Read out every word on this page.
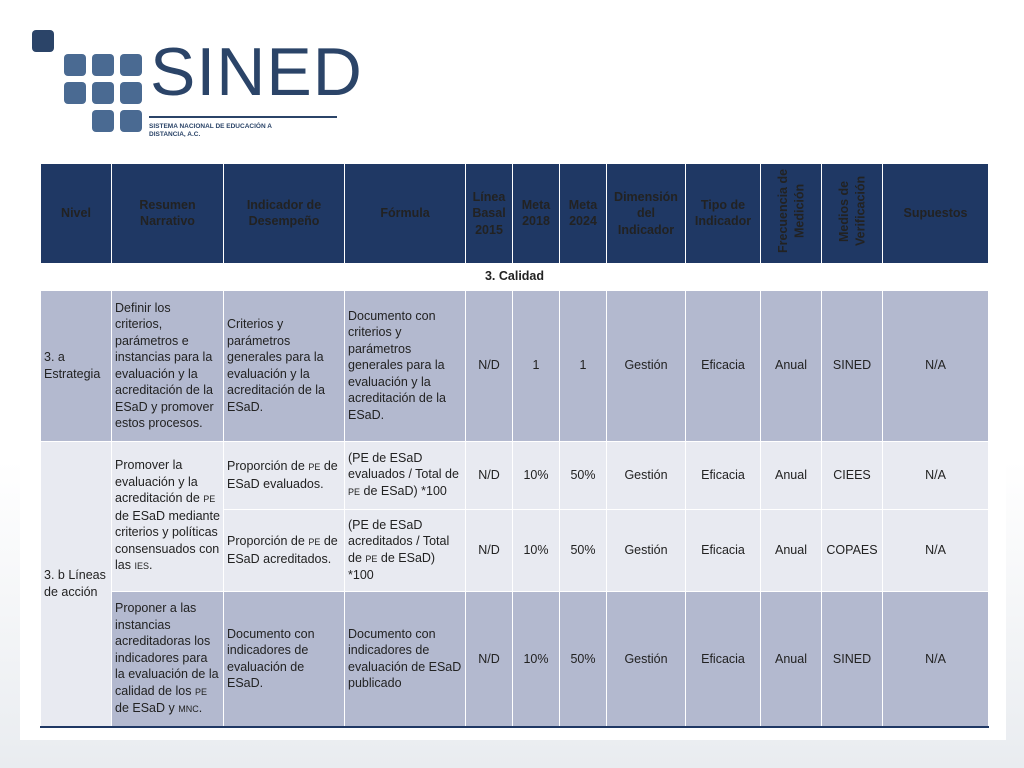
SINED
SISTEMA NACIONAL DE EDUCACIÓN A DISTANCIA, A.C.
Nivel	Resumen Narrativo	Indicador de Desempeño	Fórmula	Línea Basal 2015	Meta 2018	Meta 2024	Dimensión del Indicador	Tipo de Indicador	Frecuencia de Medición	Medios de Verificación	Supuestos
3. Calidad											
3. a Estrategia	Definir los criterios, parámetros e instancias para la evaluación y la acreditación de la ESaD y promover estos procesos.	Criterios y parámetros generales para la evaluación y la acreditación de la ESaD.	Documento con criterios y parámetros generales para la evaluación y la acreditación de la ESaD.	N/D	1	1	Gestión	Eficacia	Anual	SINED	N/A
3. b Líneas de acción	Promover la evaluación y la acreditación de PE de ESaD mediante criterios y políticas consensuados con las IES.	Proporción de PE de ESaD evaluados.	(PE de ESaD evaluados / Total de PE de ESaD) *100	N/D	10%	50%	Gestión	Eficacia	Anual	CIEES	N/A
		Proporción de PE de ESaD acreditados.	(PE de ESaD acreditados / Total de PE de ESaD) *100	N/D	10%	50%	Gestión	Eficacia	Anual	COPAES	N/A
	Proponer a las instancias acreditadoras los indicadores para la evaluación de la calidad de los PE de ESaD y MNC.	Documento con indicadores de evaluación de ESaD.	Documento con indicadores de evaluación de ESaD publicado	N/D	10%	50%	Gestión	Eficacia	Anual	SINED	N/A
